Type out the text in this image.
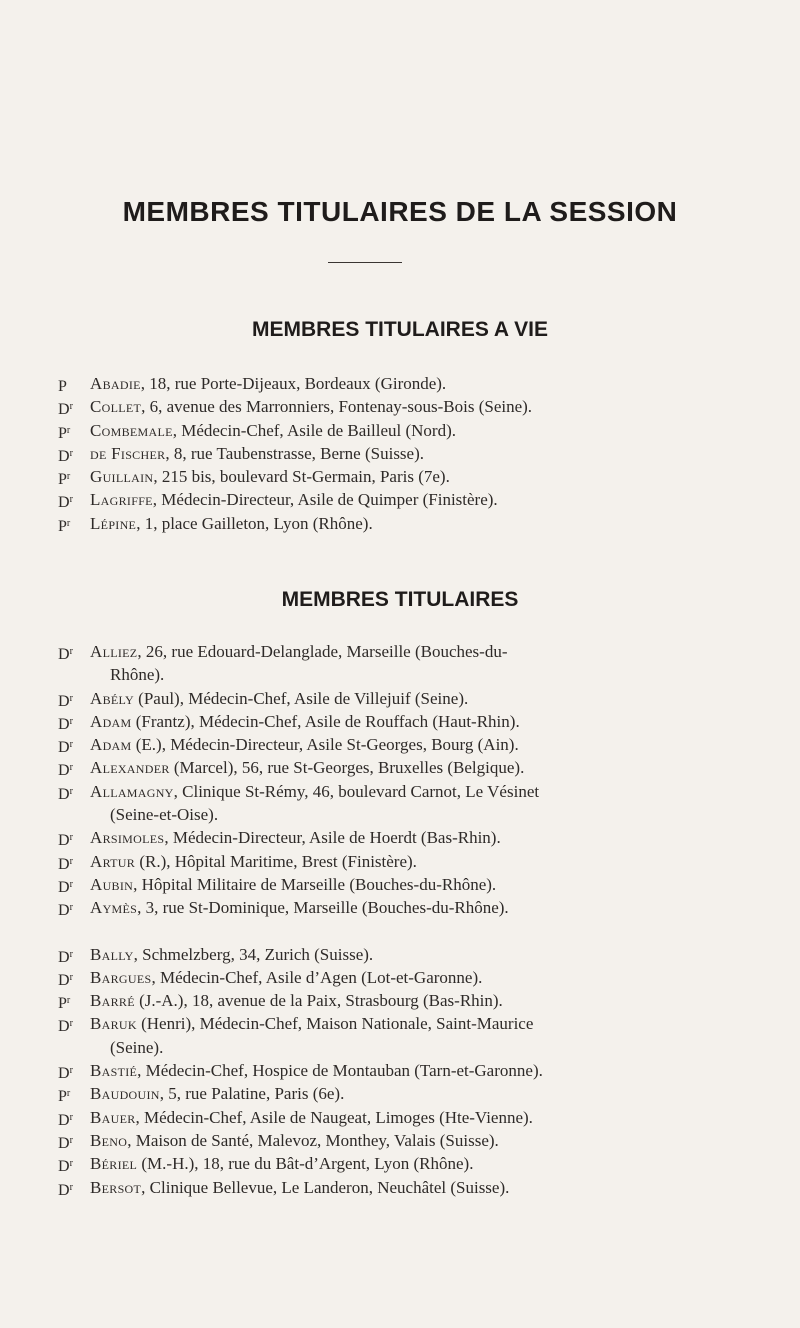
MEMBRES TITULAIRES DE LA SESSION
MEMBRES TITULAIRES A VIE
P	Abadie, 18, rue Porte-Dijeaux, Bordeaux (Gironde).
$D^r$	Collet, 6, avenue des Marronniers, Fontenay-sous-Bois (Seine).
$P^r$	Combemale, Médecin-Chef, Asile de Bailleul (Nord).
$D^r$	de Fischer, 8, rue Taubenstrasse, Berne (Suisse).
$P^r$	Guillain, 215 bis, boulevard St-Germain, Paris (7e).
$D^r$	Lagriffe, Médecin-Directeur, Asile de Quimper (Finistère).
$P^r$	Lépine, 1, place Gailleton, Lyon (Rhône).
MEMBRES TITULAIRES
$D^r$	Alliez, 26, rue Edouard-Delanglade, Marseille (Bouches-du-
Rhône).
$D^r$	Abély (Paul), Médecin-Chef, Asile de Villejuif (Seine).
$D^r$	Adam (Frantz), Médecin-Chef, Asile de Rouffach (Haut-Rhin).
$D^r$	Adam (E.), Médecin-Directeur, Asile St-Georges, Bourg (Ain).
$D^r$	Alexander (Marcel), 56, rue St-Georges, Bruxelles (Belgique).
$D^r$	Allamagny, Clinique St-Rémy, 46, boulevard Carnot, Le Vésinet
(Seine-et-Oise).
$D^r$	Arsimoles, Médecin-Directeur, Asile de Hoerdt (Bas-Rhin).
$D^r$	Artur (R.), Hôpital Maritime, Brest (Finistère).
$D^r$	Aubin, Hôpital Militaire de Marseille (Bouches-du-Rhône).
$D^r$	Aymès, 3, rue St-Dominique, Marseille (Bouches-du-Rhône).
$D^r$	Bally, Schmelzberg, 34, Zurich (Suisse).
$D^r$	Bargues, Médecin-Chef, Asile d’Agen (Lot-et-Garonne).
$P^r$	Barré (J.-A.), 18, avenue de la Paix, Strasbourg (Bas-Rhin).
$D^r$	Baruk (Henri), Médecin-Chef, Maison Nationale, Saint-Maurice
(Seine).
$D^r$	Bastié, Médecin-Chef, Hospice de Montauban (Tarn-et-Garonne).
$P^r$	Baudouin, 5, rue Palatine, Paris (6e).
$D^r$	Bauer, Médecin-Chef, Asile de Naugeat, Limoges (Hte-Vienne).
$D^r$	Beno, Maison de Santé, Malevoz, Monthey, Valais (Suisse).
$D^r$	Bériel (M.-H.), 18, rue du Bât-d’Argent, Lyon (Rhône).
$D^r$	Bersot, Clinique Bellevue, Le Landeron, Neuchâtel (Suisse).
